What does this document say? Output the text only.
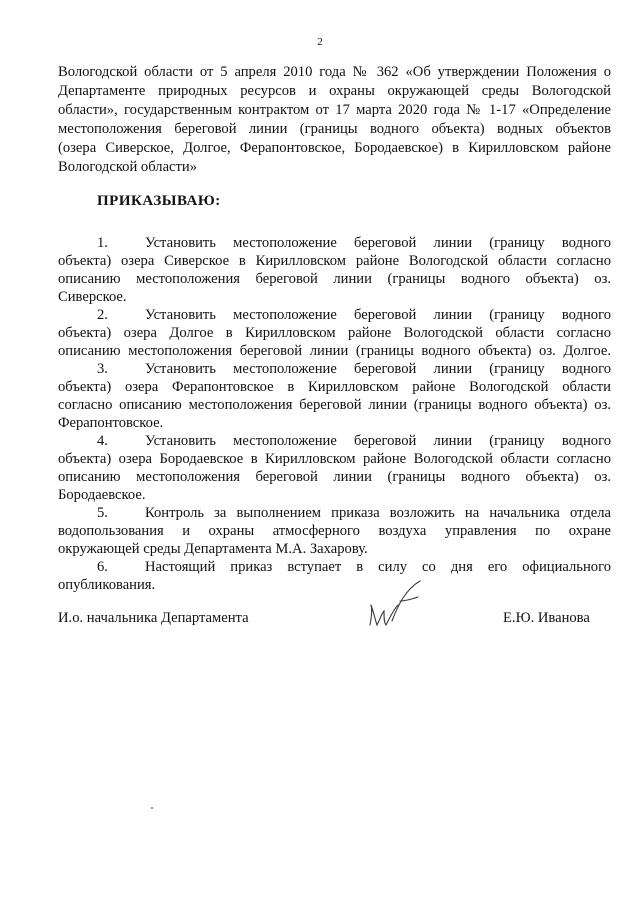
2
Вологодской области от 5 апреля 2010 года № 362 «Об утверждении Положения о
Департаменте природных ресурсов и охраны окружающей среды Вологодской
области», государственным контрактом от 17 марта 2020 года № 1-17 «Определение
местоположения береговой линии (границы водного объекта) водных объектов
(озера Сиверское, Долгое, Ферапонтовское, Бородаевское) в Кирилловском районе
Вологодской области»
ПРИКАЗЫВАЮ:
1.	Установить местоположение береговой линии (границу водного
объекта) озера Сиверское в Кирилловском районе Вологодской области согласно
описанию местоположения береговой линии (границы водного объекта) оз.
Сиверское.
2.	Установить местоположение береговой линии (границу водного
объекта) озера Долгое в Кирилловском районе Вологодской области согласно
описанию местоположения береговой линии (границы водного объекта) оз. Долгое.
3.	Установить местоположение береговой линии (границу водного
объекта) озера Ферапонтовское в Кирилловском районе Вологодской области
согласно описанию местоположения береговой линии (границы водного объекта) оз.
Ферапонтовское.
4.	Установить местоположение береговой линии (границу водного
объекта) озера Бородаевское в Кирилловском районе Вологодской области согласно
описанию местоположения береговой линии (границы водного объекта) оз.
Бородаевское.
5.	Контроль за выполнением приказа возложить на начальника отдела
водопользования и охраны атмосферного воздуха управления по охране
окружающей среды Департамента М.А. Захарову.
6.	Настоящий приказ вступает в силу со дня его официального
опубликования.
И.о. начальника Департамента	Е.Ю. Иванова
